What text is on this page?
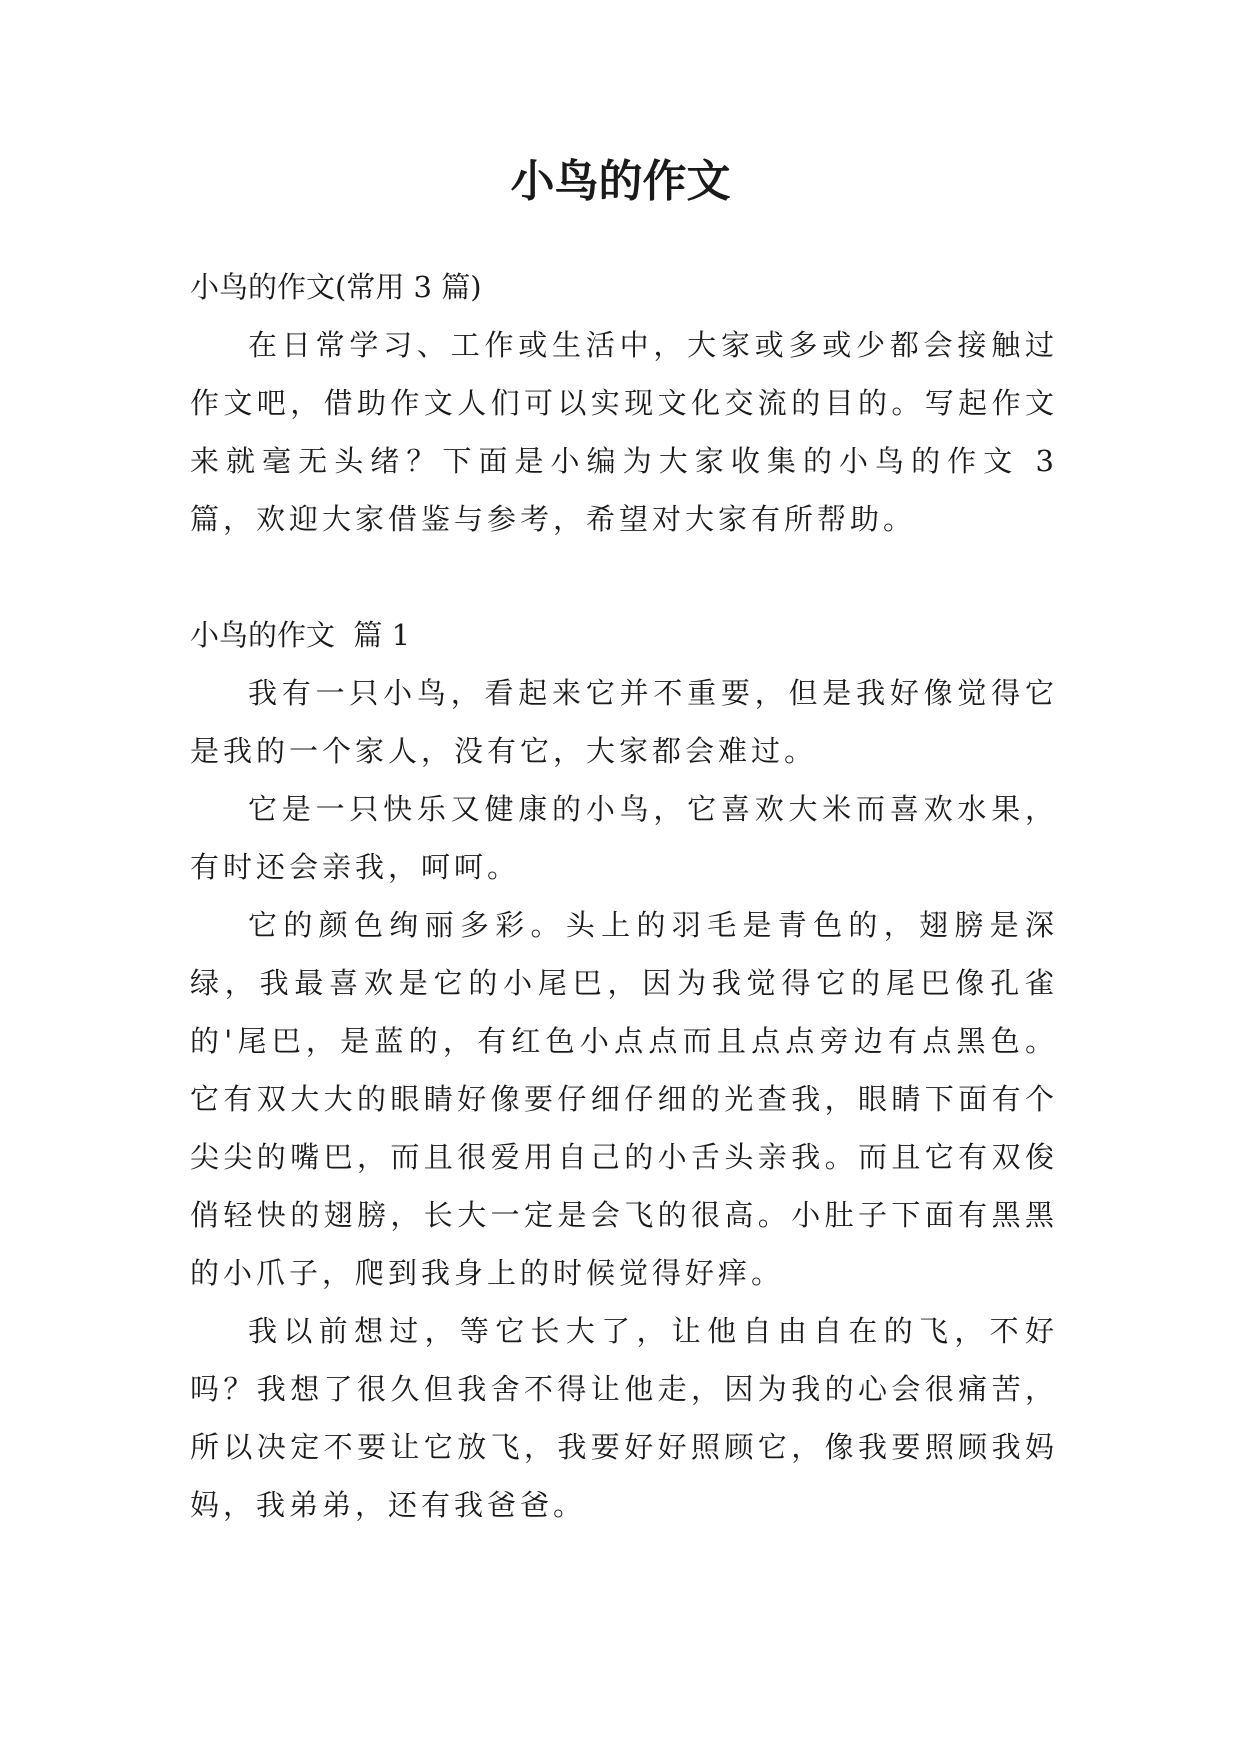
小鸟的作文

小鸟的作文(常用 3 篇)

在日常学习、工作或生活中，大家或多或少都会接触过作文吧，借助作文人们可以实现文化交流的目的。写起作文来就毫无头绪？下面是小编为大家收集的小鸟的作文 3 篇，欢迎大家借鉴与参考，希望对大家有所帮助。

小鸟的作文  篇 1

我有一只小鸟，看起来它并不重要，但是我好像觉得它是我的一个家人，没有它，大家都会难过。

它是一只快乐又健康的小鸟，它喜欢大米而喜欢水果，有时还会亲我，呵呵。

它的颜色绚丽多彩。头上的羽毛是青色的，翅膀是深绿，我最喜欢是它的小尾巴，因为我觉得它的尾巴像孔雀的'尾巴，是蓝的，有红色小点点而且点点旁边有点黑色。它有双大大的眼睛好像要仔细仔细的光查我，眼睛下面有个尖尖的嘴巴，而且很爱用自己的小舌头亲我。而且它有双俊俏轻快的翅膀，长大一定是会飞的很高。小肚子下面有黑黑的小爪子，爬到我身上的时候觉得好痒。

我以前想过，等它长大了，让他自由自在的飞，不好吗？我想了很久但我舍不得让他走，因为我的心会很痛苦，所以决定不要让它放飞，我要好好照顾它，像我要照顾我妈妈，我弟弟，还有我爸爸。
